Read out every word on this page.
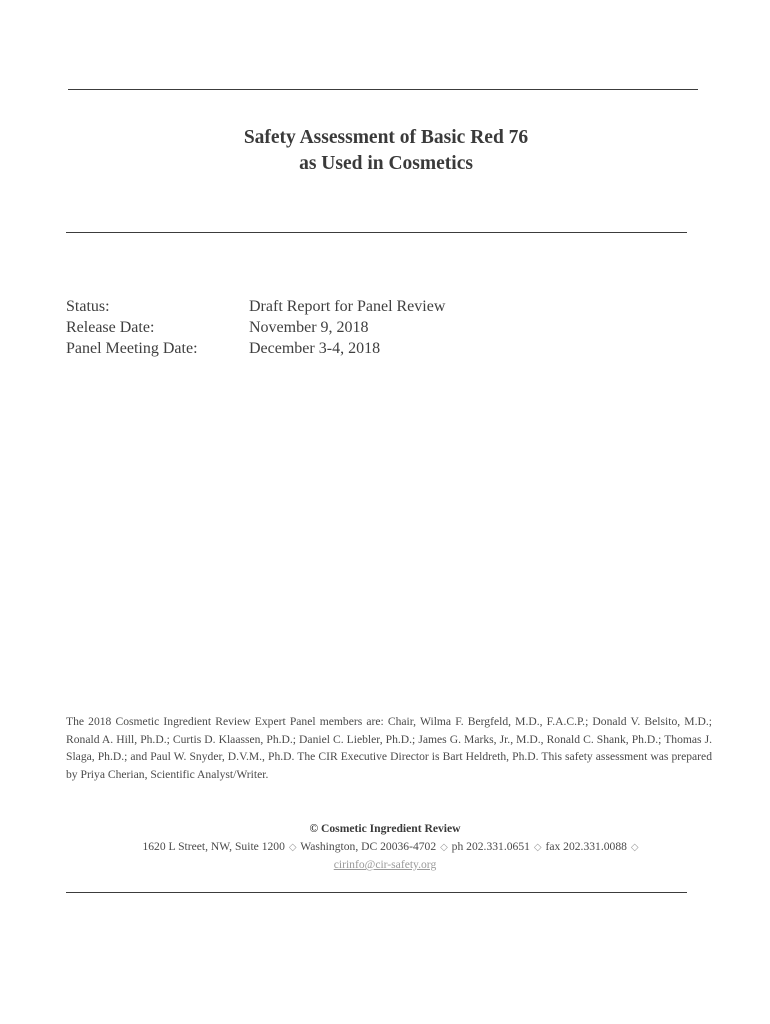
Safety Assessment of Basic Red 76
as Used in Cosmetics
Status:	Draft Report for Panel Review
Release Date:	November 9, 2018
Panel Meeting Date:	December 3-4, 2018
The 2018 Cosmetic Ingredient Review Expert Panel members are: Chair, Wilma F. Bergfeld, M.D., F.A.C.P.; Donald V. Belsito, M.D.; Ronald A. Hill, Ph.D.; Curtis D. Klaassen, Ph.D.; Daniel C. Liebler, Ph.D.; James G. Marks, Jr., M.D., Ronald C. Shank, Ph.D.; Thomas J. Slaga, Ph.D.; and Paul W. Snyder, D.V.M., Ph.D. The CIR Executive Director is Bart Heldreth, Ph.D. This safety assessment was prepared by Priya Cherian, Scientific Analyst/Writer.
© Cosmetic Ingredient Review
1620 L Street, NW, Suite 1200 ◇ Washington, DC 20036-4702 ◇ ph 202.331.0651 ◇ fax 202.331.0088 ◇
cirinfo@cir-safety.org
